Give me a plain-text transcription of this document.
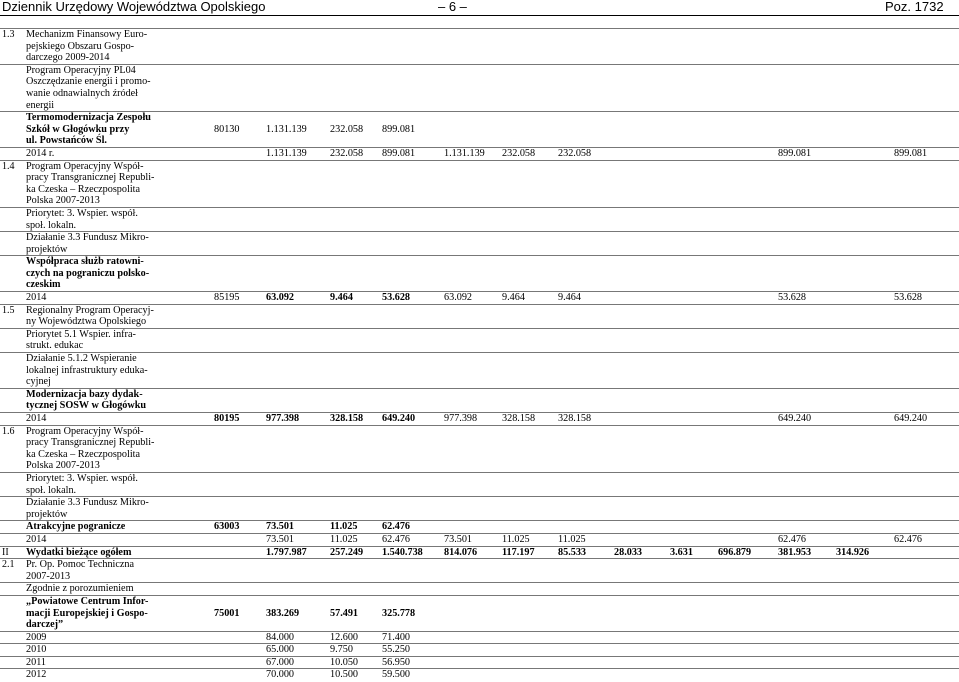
Dziennik Urzędowy Województwa Opolskiego	– 6 –	Poz. 1732
1.3	Mechanizm Finansowy Euro-
pejskiego Obszaru Gospo-
darczego 2009-2014													

	Program Operacyjny PL04
Oszczędzanie energii i promo-
wanie odnawialnych źródeł
energii													

	Termomodernizacja Zespołu
Szkół w Głogówku przy
ul. Powstańców Śl.	80130	1.131.139	232.058	899.081									

	2014 r.		1.131.139	232.058	899.081	1.131.139	232.058	232.058				899.081		899.081
1.4	Program Operacyjny Współ-
pracy Transgranicznej Republi-
ka Czeska – Rzeczpospolita
Polska 2007-2013													

	Priorytet: 3. Wspier. współ.
społ. lokaln.													

	Działanie 3.3 Fundusz Mikro-
projektów													

	Współpraca służb ratowni-
czych na pograniczu polsko-
czeskim													

	2014	85195	63.092	9.464	53.628	63.092	9.464	9.464				53.628		53.628
1.5	Regionalny Program Operacyj-
ny Województwa Opolskiego													

	Priorytet 5.1 Wspier. infra-
strukt. edukac													

	Działanie 5.1.2 Wspieranie
lokalnej infrastruktury eduka-
cyjnej													

	Modernizacja bazy dydak-
tycznej SOSW w Głogówku													

	2014	80195	977.398	328.158	649.240	977.398	328.158	328.158				649.240		649.240
1.6	Program Operacyjny Współ-
pracy Transgranicznej Republi-
ka Czeska – Rzeczpospolita
Polska 2007-2013													

	Priorytet: 3. Wspier. współ.
społ. lokaln.													

	Działanie 3.3 Fundusz Mikro-
projektów													

	Atrakcyjne pogranicze	63003	73.501	11.025	62.476									

	2014		73.501	11.025	62.476	73.501	11.025	11.025				62.476		62.476
II	Wydatki bieżące ogółem		1.797.987	257.249	1.540.738	814.076	117.197	85.533	28.033	3.631	696.879	381.953	314.926	
2.1	Pr. Op. Pomoc Techniczna
2007-2013													

	Zgodnie z porozumieniem													

	„Powiatowe Centrum Infor-
macji Europejskiej i Gospo-
darczej”	75001	383.269	57.491	325.778									

	2009		84.000	12.600	71.400									

	2010		65.000	9.750	55.250									

	2011		67.000	10.050	56.950									

	2012		70.000	10.500	59.500									
